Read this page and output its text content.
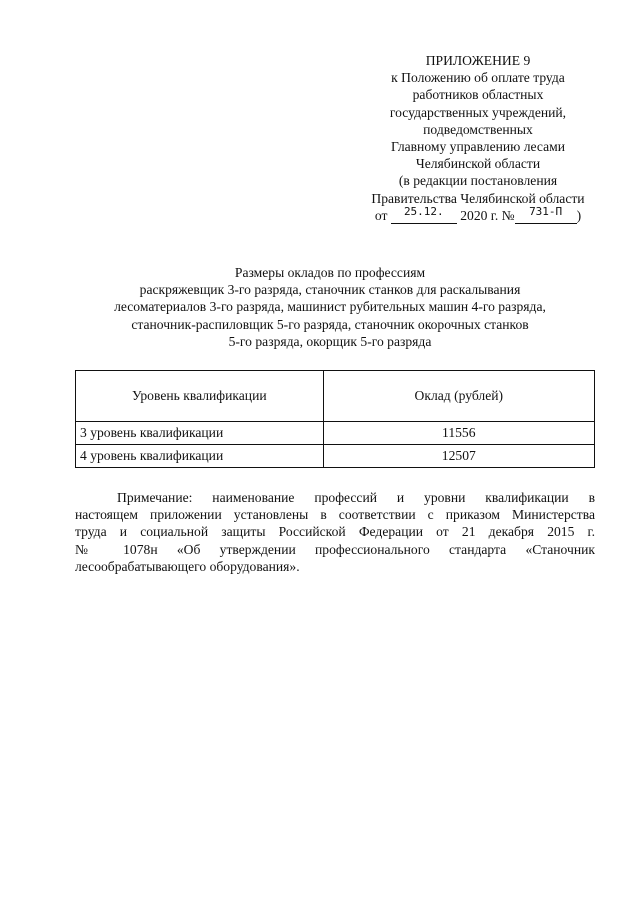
ПРИЛОЖЕНИЕ 9
к Положению об оплате труда
работников областных
государственных учреждений,
подведомственных
Главному управлению лесами
Челябинской области
(в редакции постановления
Правительства Челябинской области
от $^{25.12.}$ 2020 г. № $^{731-П}$ )
Размеры окладов по профессиям
раскряжевщик 3-го разряда, станочник станков для раскалывания
лесоматериалов 3-го разряда, машинист рубительных машин 4-го разряда,
станочник-распиловщик 5-го разряда, станочник окорочных станков
5-го разряда, окорщик 5-го разряда
Уровень квалификации	Оклад (рублей)
3 уровень квалификации	11556
4 уровень квалификации	12507
Примечание: наименование профессий и уровни квалификации в
настоящем приложении установлены в соответствии с приказом Министерства
труда и социальной защиты Российской Федерации от 21 декабря 2015 г.
№ 1078н «Об утверждении профессионального стандарта «Станочник
лесообрабатывающего оборудования».
